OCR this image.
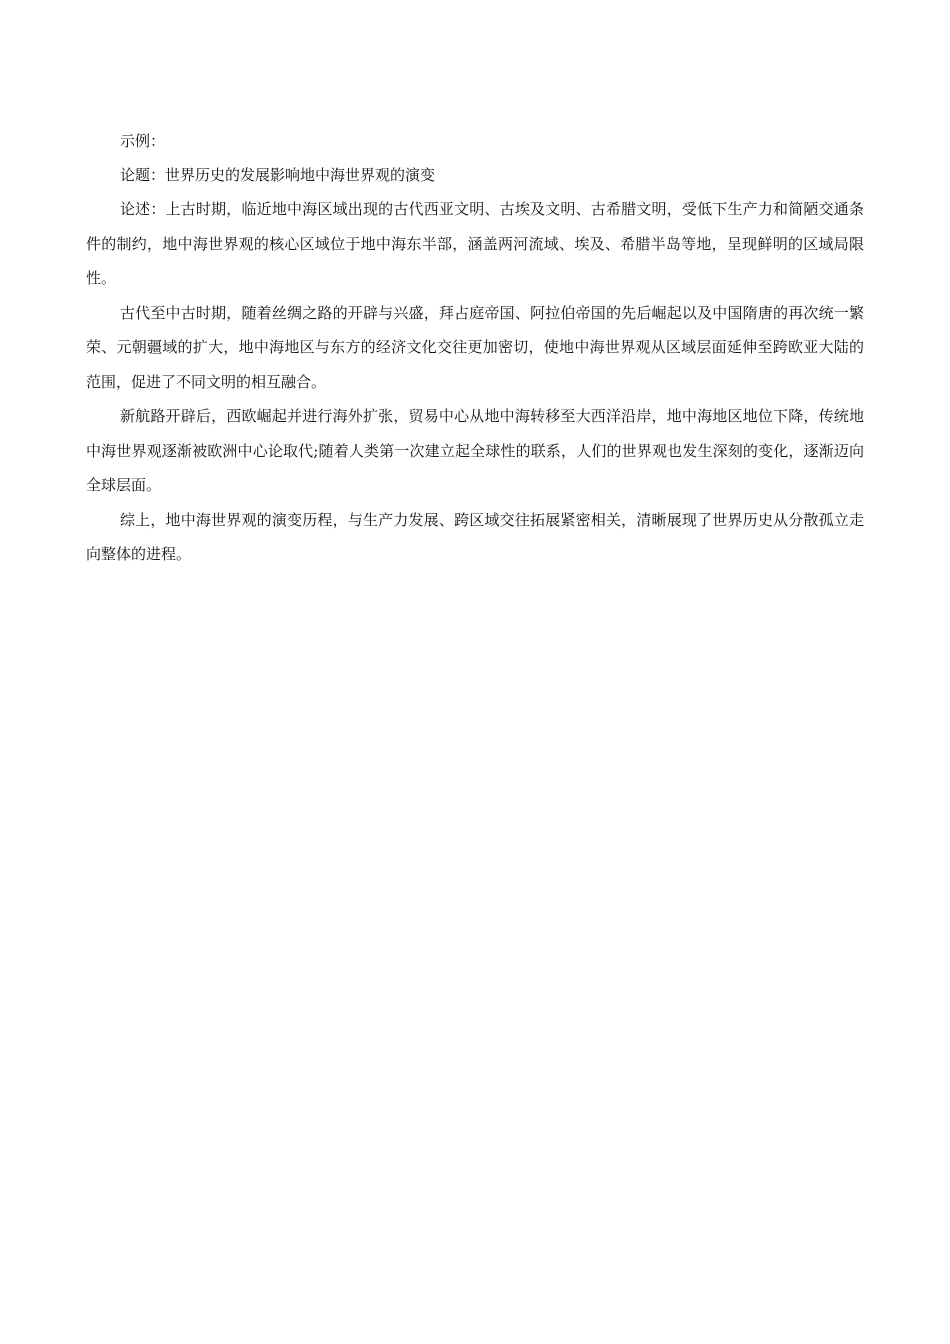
示例：

论题：世界历史的发展影响地中海世界观的演变

论述：上古时期，临近地中海区域出现的古代西亚文明、古埃及文明、古希腊文明，受低下生产力和简陋交通条件的制约，地中海世界观的核心区域位于地中海东半部，涵盖两河流域、埃及、希腊半岛等地，呈现鲜明的区域局限性。

古代至中古时期，随着丝绸之路的开辟与兴盛，拜占庭帝国、阿拉伯帝国的先后崛起以及中国隋唐的再次统一繁荣、元朝疆域的扩大，地中海地区与东方的经济文化交往更加密切，使地中海世界观从区域层面延伸至跨欧亚大陆的范围，促进了不同文明的相互融合。

新航路开辟后，西欧崛起并进行海外扩张，贸易中心从地中海转移至大西洋沿岸，地中海地区地位下降，传统地中海世界观逐渐被欧洲中心论取代;随着人类第一次建立起全球性的联系，人们的世界观也发生深刻的变化，逐渐迈向全球层面。

综上，地中海世界观的演变历程，与生产力发展、跨区域交往拓展紧密相关，清晰展现了世界历史从分散孤立走向整体的进程。
